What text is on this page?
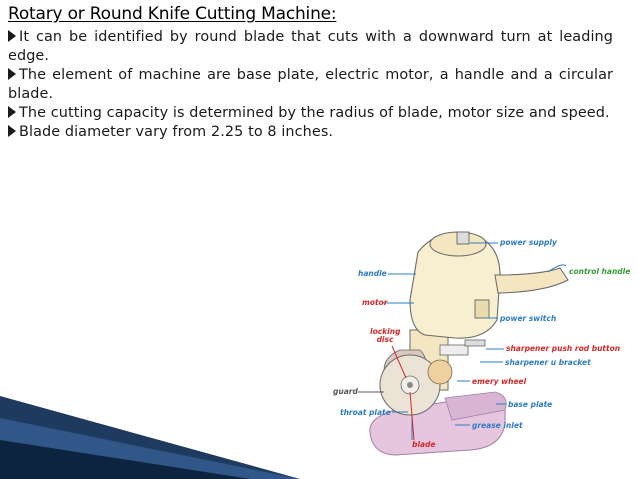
Rotary or Round Knife Cutting Machine:
It can be identified by round blade that cuts with a downward turn at leading edge.
The element of machine are base plate, electric motor, a handle and a circular blade.
The cutting capacity is determined by the radius of blade, motor size and speed.
Blade diameter vary from 2.25 to 8 inches.
power supply
control handle
handle
motor
power switch
locking disc
sharpener push rod button
sharpener u bracket
emery wheel
guard
base plate
throat plate
grease inlet
blade
